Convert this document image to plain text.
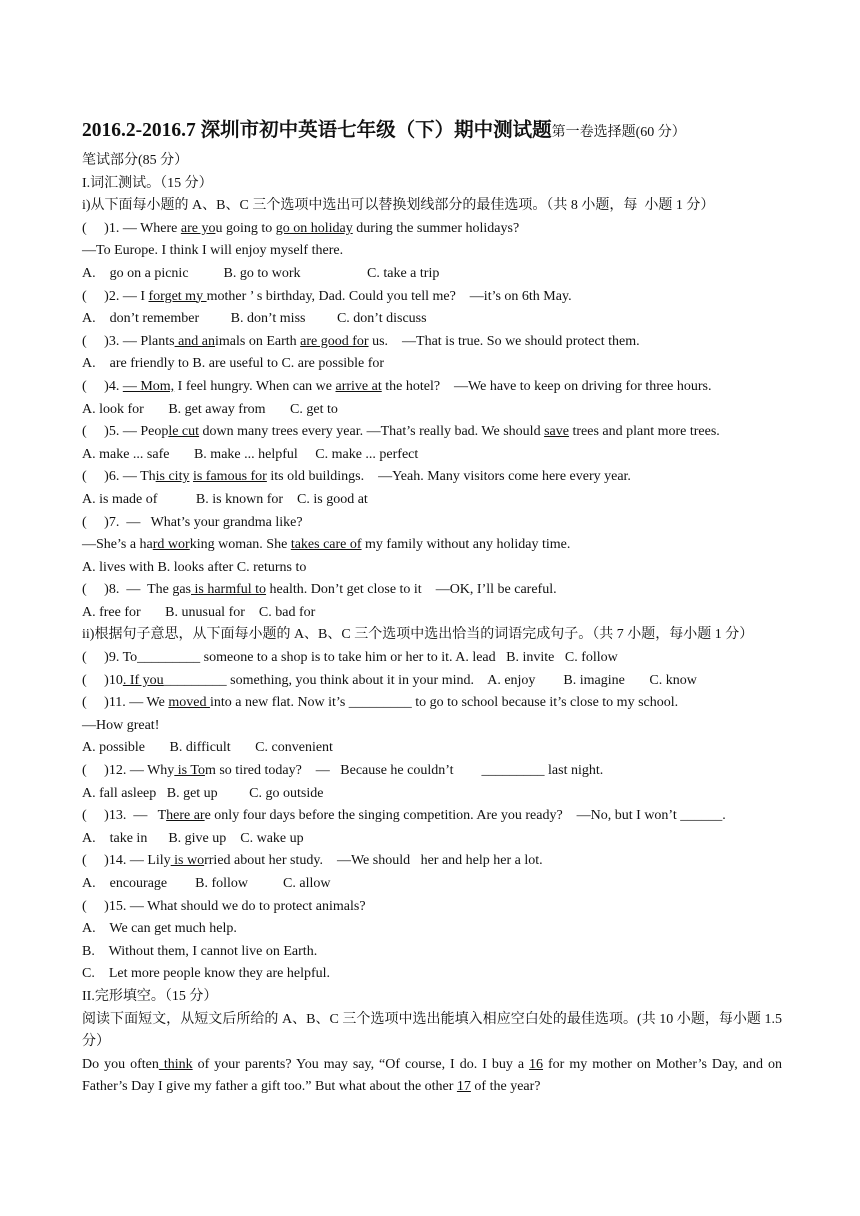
2016.2-2016.7 深圳市初中英语七年级（下）期中测试题第一卷选择题(60 分）
笔试部分(85 分）
I.词汇测试。（15 分）
i)从下面每小题的 A、B、C 三个选项中选出可以替换划线部分的最佳选项。（共 8 小题，每  小题 1 分）
(     )1. — Where are you going to go on holiday during the summer holidays?
—To Europe. I think I will enjoy myself there.
A.    go on a picnic          B. go to work                   C. take a trip
(     )2. — I forget my mother ’ s birthday, Dad. Could you tell me?    —it’s on 6th May.
A.    don’t remember         B. don’t miss         C. don’t discuss
(     )3. — Plants and animals on Earth are good for us.    —That is true. So we should protect them.
A.    are friendly to B. are useful to C. are possible for
(     )4. — Mom, I feel hungry. When can we arrive at the hotel?    —We have to keep on driving for three hours.
A. look for       B. get away from       C. get to
(     )5. — People cut down many trees every year. —That’s really bad. We should save trees and plant more trees.
A. make ... safe       B. make ... helpful     C. make ... perfect
(     )6. — This city is famous for its old buildings.    —Yeah. Many visitors come here every year.
A. is made of           B. is known for    C. is good at
(     )7.  —   What’s your grandma like?
—She’s a hard working woman. She takes care of my family without any holiday time.
A. lives with B. looks after C. returns to
(     )8.  —  The gas is harmful to health. Don’t get close to it    —OK, I’ll be careful.
A. free for       B. unusual for    C. bad for
ii)根据句子意思，从下面每小题的 A、B、C 三个选项中选出恰当的词语完成句子。（共 7 小题，每小题 1 分）
(     )9. To_________ someone to a shop is to take him or her to it. A. lead   B. invite   C. follow
(     )10. If you_________ something, you think about it in your mind.    A. enjoy        B. imagine       C. know
(     )11. — We moved into a new flat. Now it’s _________ to go to school because it’s close to my school.
—How great!
A. possible       B. difficult       C. convenient
(     )12. — Why is Tom so tired today?    —   Because he couldn’t        _________ last night.
A. fall asleep   B. get up         C. go outside
(     )13.  —   There are only four days before the singing competition. Are you ready?    —No, but I won’t ______.
A.    take in      B. give up    C. wake up
(     )14. — Lily is worried about her study.    —We should   her and help her a lot.
A.    encourage        B. follow          C. allow
(     )15. — What should we do to protect animals?
A.    We can get much help.
B.    Without them, I cannot live on Earth.
C.    Let more people know they are helpful.
II.完形填空。（15 分）
阅读下面短文，从短文后所给的 A、B、C 三个选项中选出能填入相应空白处的最佳选项。(共 10 小题，每小题 1.5 分）
Do you often think of your parents? You may say, “Of course, I do. I buy a 16 for my mother on Mother’s Day, and on Father’s Day I give my father a gift too.” But what about the other 17 of the year?
